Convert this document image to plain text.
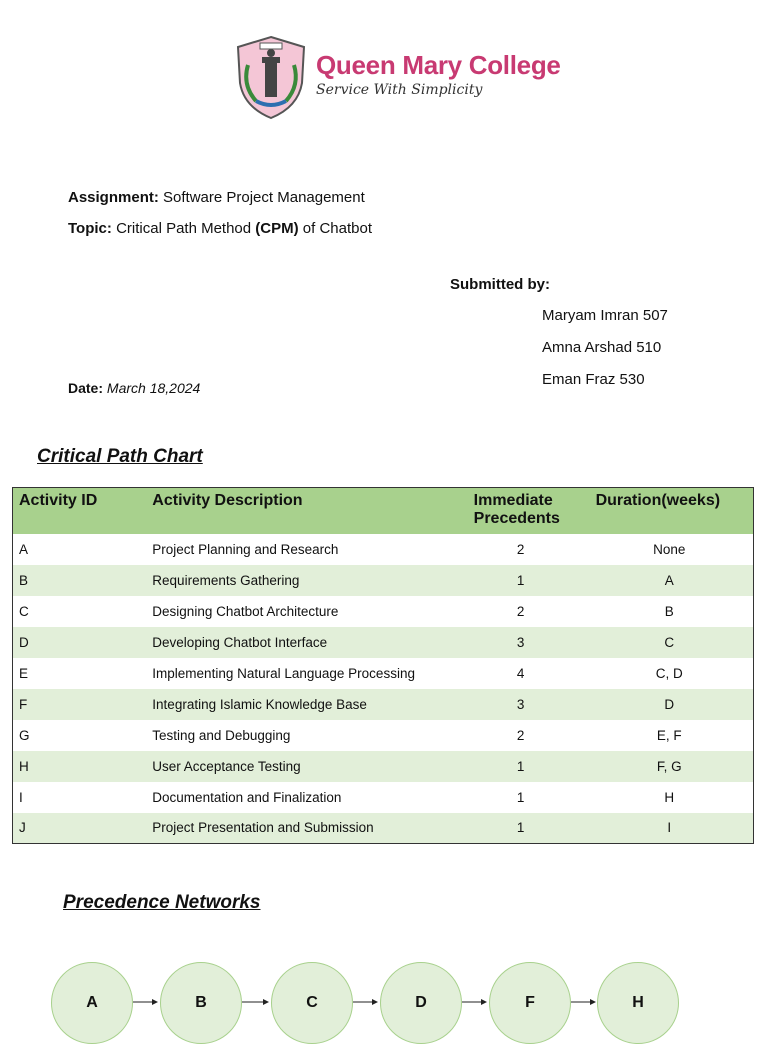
Queen Mary College
Service With Simplicity
Assignment: Software Project Management
Topic: Critical Path Method (CPM) of Chatbot
Submitted by:
Maryam Imran 507
Amna Arshad 510
Eman Fraz 530
Date: March 18,2024
Critical Path Chart
Activity ID	Activity Description	Immediate Precedents	Duration(weeks)
A	Project Planning and Research	2	None
B	Requirements Gathering	1	A
C	Designing Chatbot Architecture	2	B
D	Developing Chatbot Interface	3	C
E	Implementing Natural Language Processing	4	C, D
F	Integrating Islamic Knowledge Base	3	D
G	Testing and Debugging	2	E, F
H	User Acceptance Testing	1	F, G
I	Documentation and Finalization	1	H
J	Project Presentation and Submission	1	I
Precedence Networks
A	B	C	D	F	H
